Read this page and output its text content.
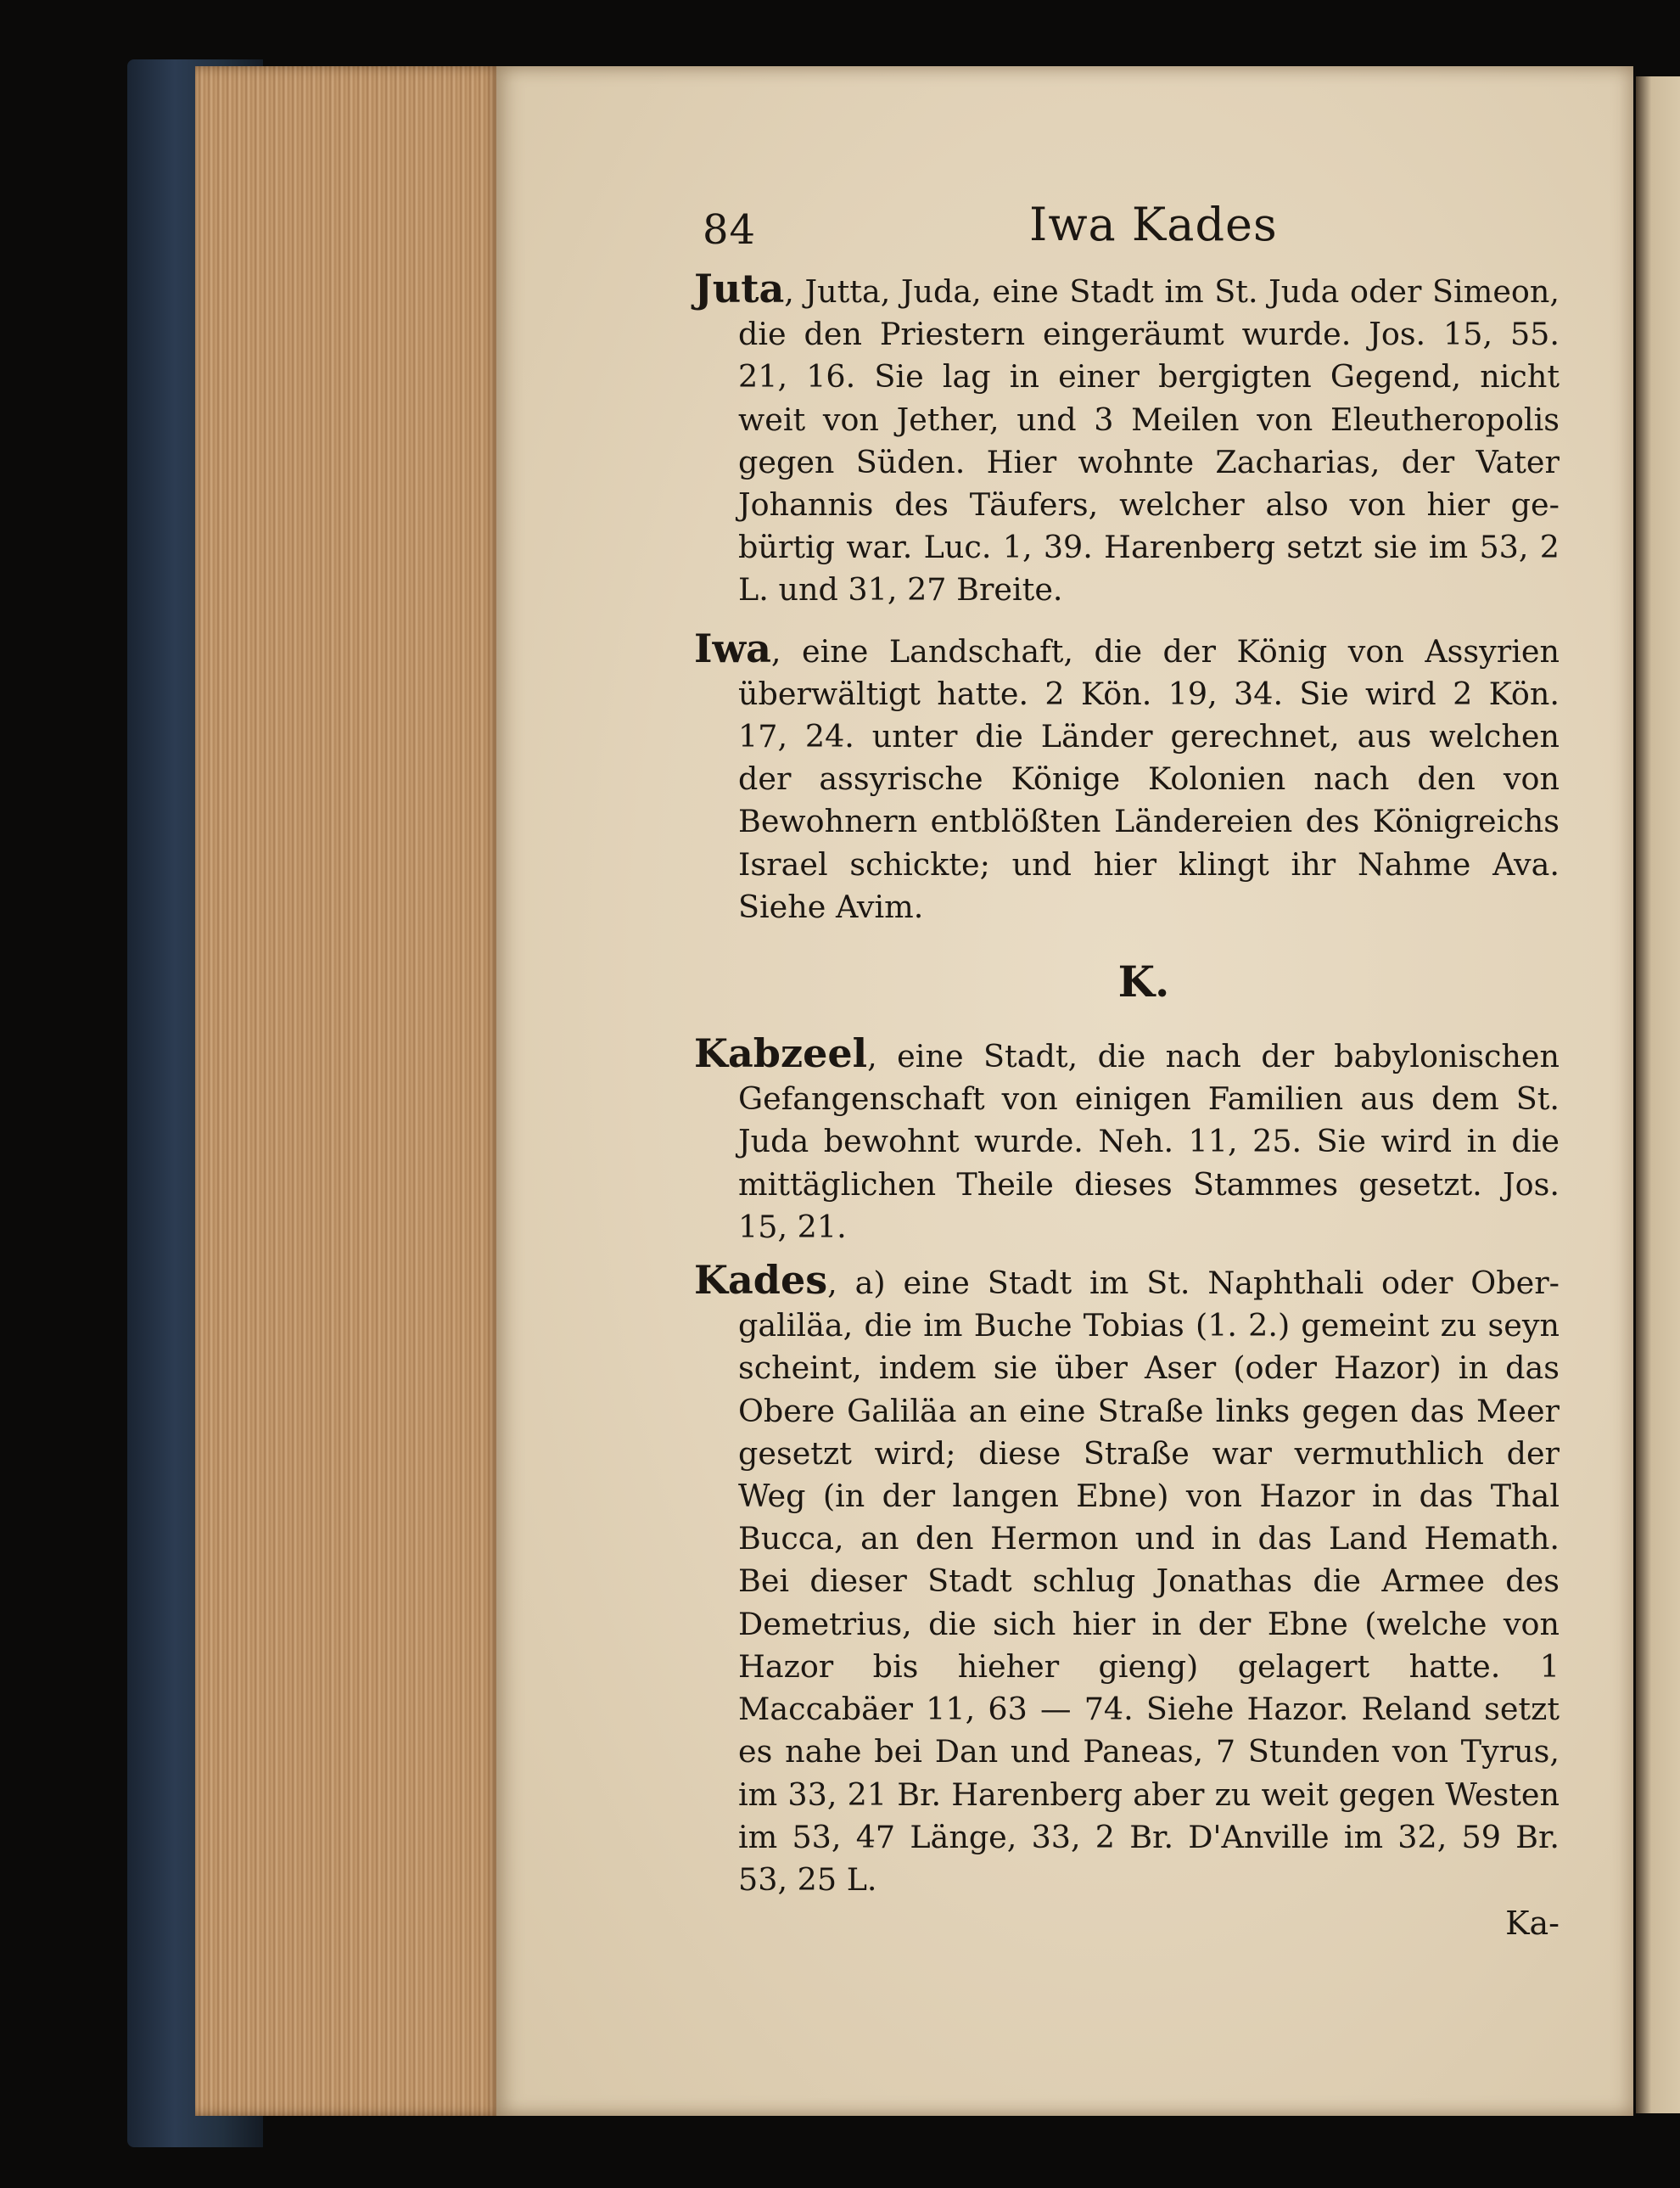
84	Iwa Kades

Juta, Jutta, Juda, eine Stadt im St. Juda oder Simeon, die den Priestern eingeräumt wurde. Jos. 15, 55. 21, 16. Sie lag in einer bergigten Gegend, nicht weit von Jether, und 3 Meilen von Eleutheropolis gegen Süden. Hier wohnte Zacharias, der Vater Johannis des Täufers, welcher also von hier gebürtig war. Luc. 1, 39. Harenberg setzt sie im 53, 2 L. und 31, 27 Breite.

Iwa, eine Landschaft, die der König von Assyrien überwältigt hatte. 2 Kön. 19, 34. Sie wird 2 Kön. 17, 24. unter die Länder gerechnet, aus welchen der assyrische Könige Kolonien nach den von Bewohnern entblößten Ländereien des Königreichs Israel schickte; und hier klingt ihr Nahme Ava. Siehe Avim.

K.

Kabzeel, eine Stadt, die nach der babylonischen Gefangenschaft von einigen Familien aus dem St. Juda bewohnt wurde. Neh. 11, 25. Sie wird in die mittäglichen Theile dieses Stammes gesetzt. Jos. 15, 21.

Kades, a) eine Stadt im St. Naphthali oder Obergaliläa, die im Buche Tobias (1. 2.) gemeint zu seyn scheint, indem sie über Aser (oder Hazor) in das Obere Galiläa an eine Straße links gegen das Meer gesetzt wird; diese Straße war vermuthlich der Weg (in der langen Ebne) von Hazor in das Thal Bucca, an den Hermon und in das Land Hemath. Bei dieser Stadt schlug Jonathas die Armee des Demetrius, die sich hier in der Ebne (welche von Hazor bis hieher gieng) gelagert hatte. 1 Maccabäer 11, 63 — 74. Siehe Hazor. Reland setzt es nahe bei Dan und Paneas, 7 Stunden von Tyrus, im 33, 21 Br. Harenberg aber zu weit gegen Westen im 53, 47 Länge, 33, 2 Br. D'Anville im 32, 59 Br. 53, 25 L.

Ka-
